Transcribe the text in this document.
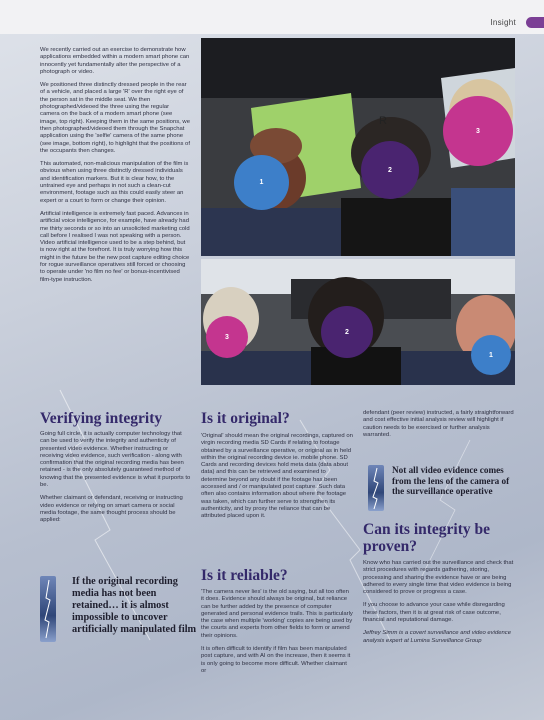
Insight

We recently carried out an exercise to demonstrate how applications embedded within a modern smart phone can innocently yet fundamentally alter the perspective of a photograph or video.

We positioned three distinctly dressed people in the rear of a vehicle, and placed a large 'R' over the right eye of the person sat in the middle seat. We then photographed/videoed the three using the regular camera on the back of a modern smart phone (see image, top right). Keeping them in the same positions, we then photographed/videoed them through the Snapchat application using the 'selfie' camera of the same phone (see image, bottom right), to highlight that the positions of the occupants then changes.

This automated, non-malicious manipulation of the film is obvious when using three distinctly dressed individuals and identification markers. But it is clear how, to the untrained eye and perhaps in not such a clean-cut environment, footage such as this could easily steer an expert or a court to form or change their opinion.

Artificial intelligence is extremely fast paced. Advances in artificial voice intelligence, for example, have already had me thirty seconds or so into an unsolicited marketing cold call before I realised I was not speaking with a person. Video artificial intelligence used to be a step behind, but is now right at the forefront. It is truly worrying how this might in the future be the new post capture editing choice for rogue surveillance operatives still forced or choosing to operate under 'no film no fee' or bonus-incentivised film-type instruction.

R
1
2
3
3
2
1
Verifying integrity

Going full circle, it is actually computer technology that can be used to verify the integrity and authenticity of presented video evidence. Whether instructing or receiving video evidence, such verification - along with confirmation that the original recording media has been retained - is the only absolutely guaranteed method of knowing that the presented evidence is what it purports to be.

Whether claimant or defendant, receiving or instructing video evidence or relying on smart camera or social media footage, the same thought process should be applied:

If the original recording media has not been retained… it is almost impossible to uncover artificially manipulated film
Is it original?

'Original' should mean the original recordings, captured on virgin recording media SD Cards if relating to footage obtained by a surveillance operative, or original as in held within the original recording device ie. mobile phone. SD Cards and recording devices hold meta data (data about data) and this can be retrieved and examined to determine beyond any doubt if the footage has been accessed and / or manipulated post capture. Such data often also contains information about where the footage was taken, which can further serve to strengthen its authenticity, and by proxy the reliance that can be attributed placed upon it.

Is it reliable?

'The camera never lies' is the old saying, but all too often it does. Evidence should always be original, but reliance can be further added by the presence of computer generated and personal evidence trails. This is particularly the case when multiple 'working' copies are being used by the courts and experts from other fields to form or amend their opinions.

It is often difficult to identify if film has been manipulated post capture, and with AI on the increase, then it seems it is only going to become more difficult. Whether claimant or

defendant (peer review) instructed, a fairly straightforward and cost effective initial analysis review will highlight if caution needs to be exercised or further analysis warranted.

Not all video evidence comes from the lens of the camera of the surveillance operative
Can its integrity be proven?

Know who has carried out the surveillance and check that strict procedures with regards gathering, storing, processing and sharing the evidence have or are being adhered to every single time that video evidence is being considered to prove or progress a case.

If you choose to advance your case while disregarding these factors, then it is at great risk of case outcome, financial and reputational damage.

Jeffrey Simm is a covert surveillance and video evidence analysis expert at Lumina Surveillance Group
